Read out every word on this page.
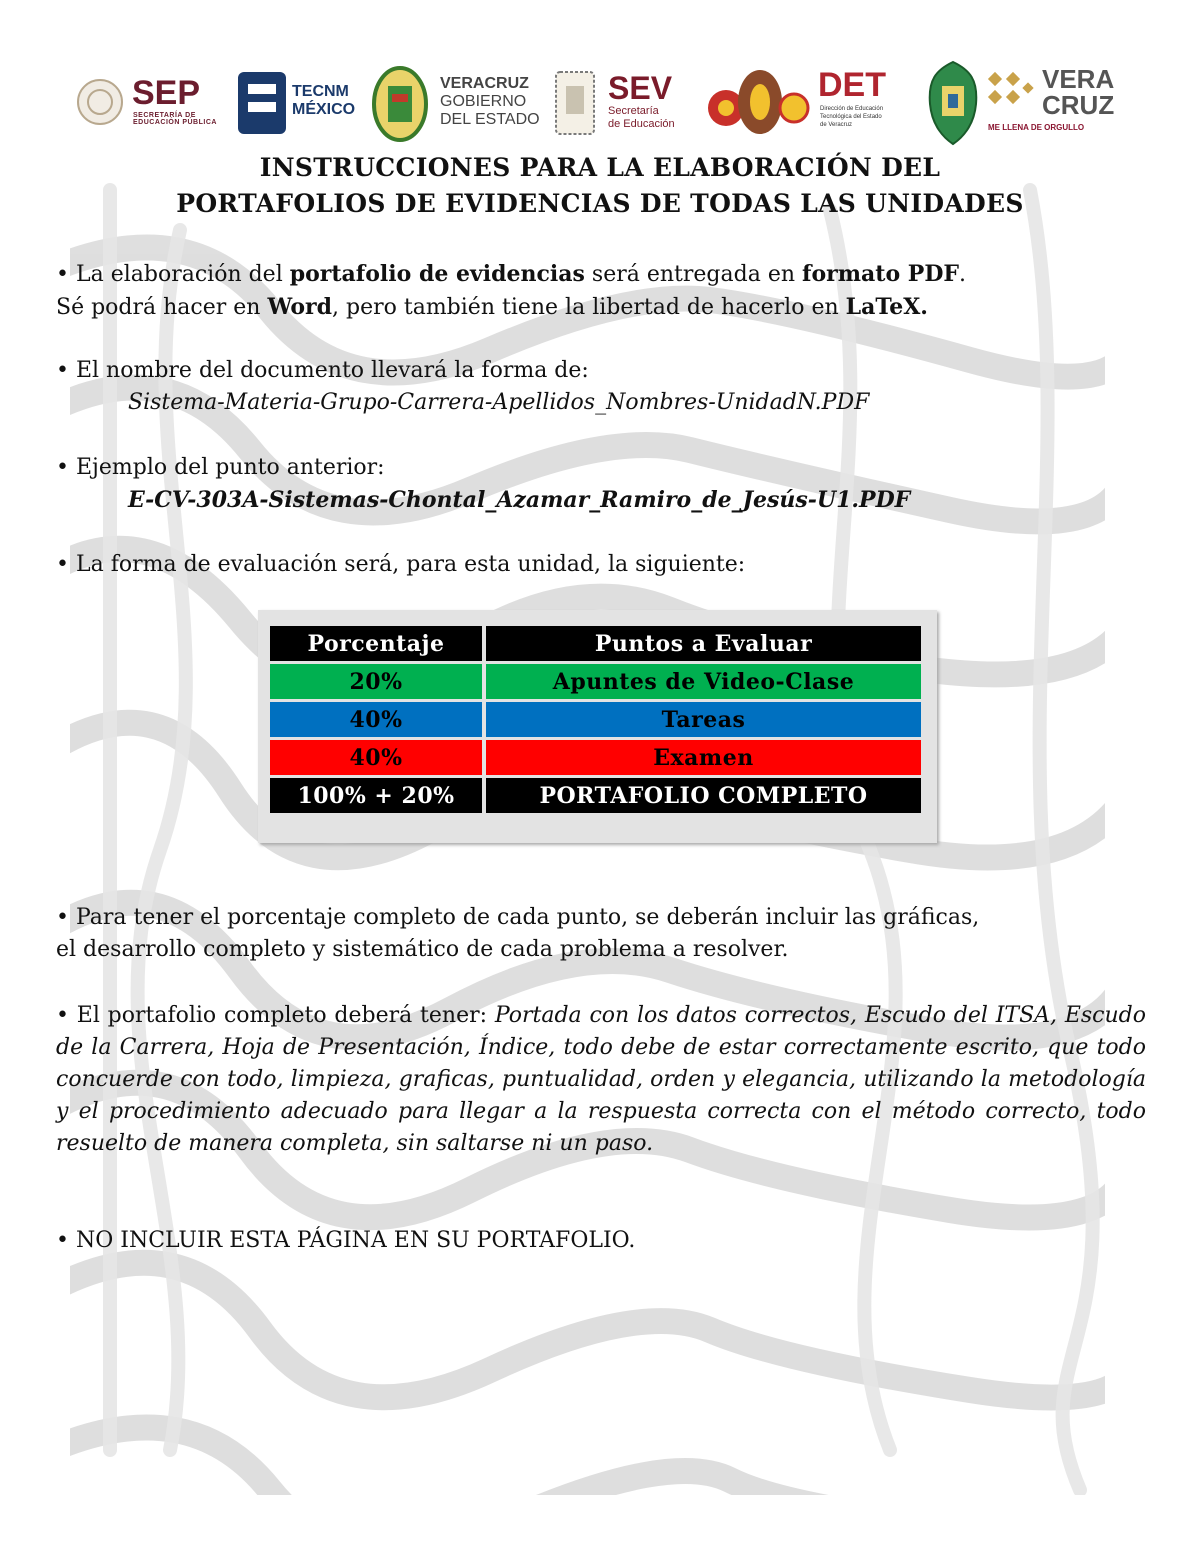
SEP
SECRETARÍA DE EDUCACIÓN PÚBLICA
TECNM
MÉXICO
VERACRUZ
GOBIERNO
DEL ESTADO
SEV
Secretaría
de Educación
DET
Dirección de Educación
Tecnológica del Estado
de Veracruz
VERA
CRUZ
ME LLENA DE ORGULLO
INSTRUCCIONES PARA LA ELABORACIÓN DEL
PORTAFOLIOS DE EVIDENCIAS DE TODAS LAS UNIDADES
• La elaboración del portafolio de evidencias será entregada en formato PDF.
Sé podrá hacer en Word, pero también tiene la libertad de hacerlo en LaTeX.
• El nombre del documento llevará la forma de:
Sistema-Materia-Grupo-Carrera-Apellidos_Nombres-UnidadN.PDF
• Ejemplo del punto anterior:
E-CV-303A-Sistemas-Chontal_Azamar_Ramiro_de_Jesús-U1.PDF
• La forma de evaluación será, para esta unidad, la siguiente:
Porcentaje	Puntos a Evaluar
20%	Apuntes de Video-Clase
40%	Tareas
40%	Examen
100% + 20%	PORTAFOLIO COMPLETO
• Para tener el porcentaje completo de cada punto, se deberán incluir las gráficas,
el desarrollo completo y sistemático de cada problema a resolver.
• El portafolio completo deberá tener: Portada con los datos correctos, Escudo del ITSA, Escudo de la Carrera, Hoja de Presentación, Índice, todo debe de estar correctamente escrito, que todo concuerde con todo, limpieza, graficas, puntualidad, orden y elegancia, utilizando la metodología y el procedimiento adecuado para llegar a la respuesta correcta con el método correcto, todo resuelto de manera completa, sin saltarse ni un paso.
• NO INCLUIR ESTA PÁGINA EN SU PORTAFOLIO.
